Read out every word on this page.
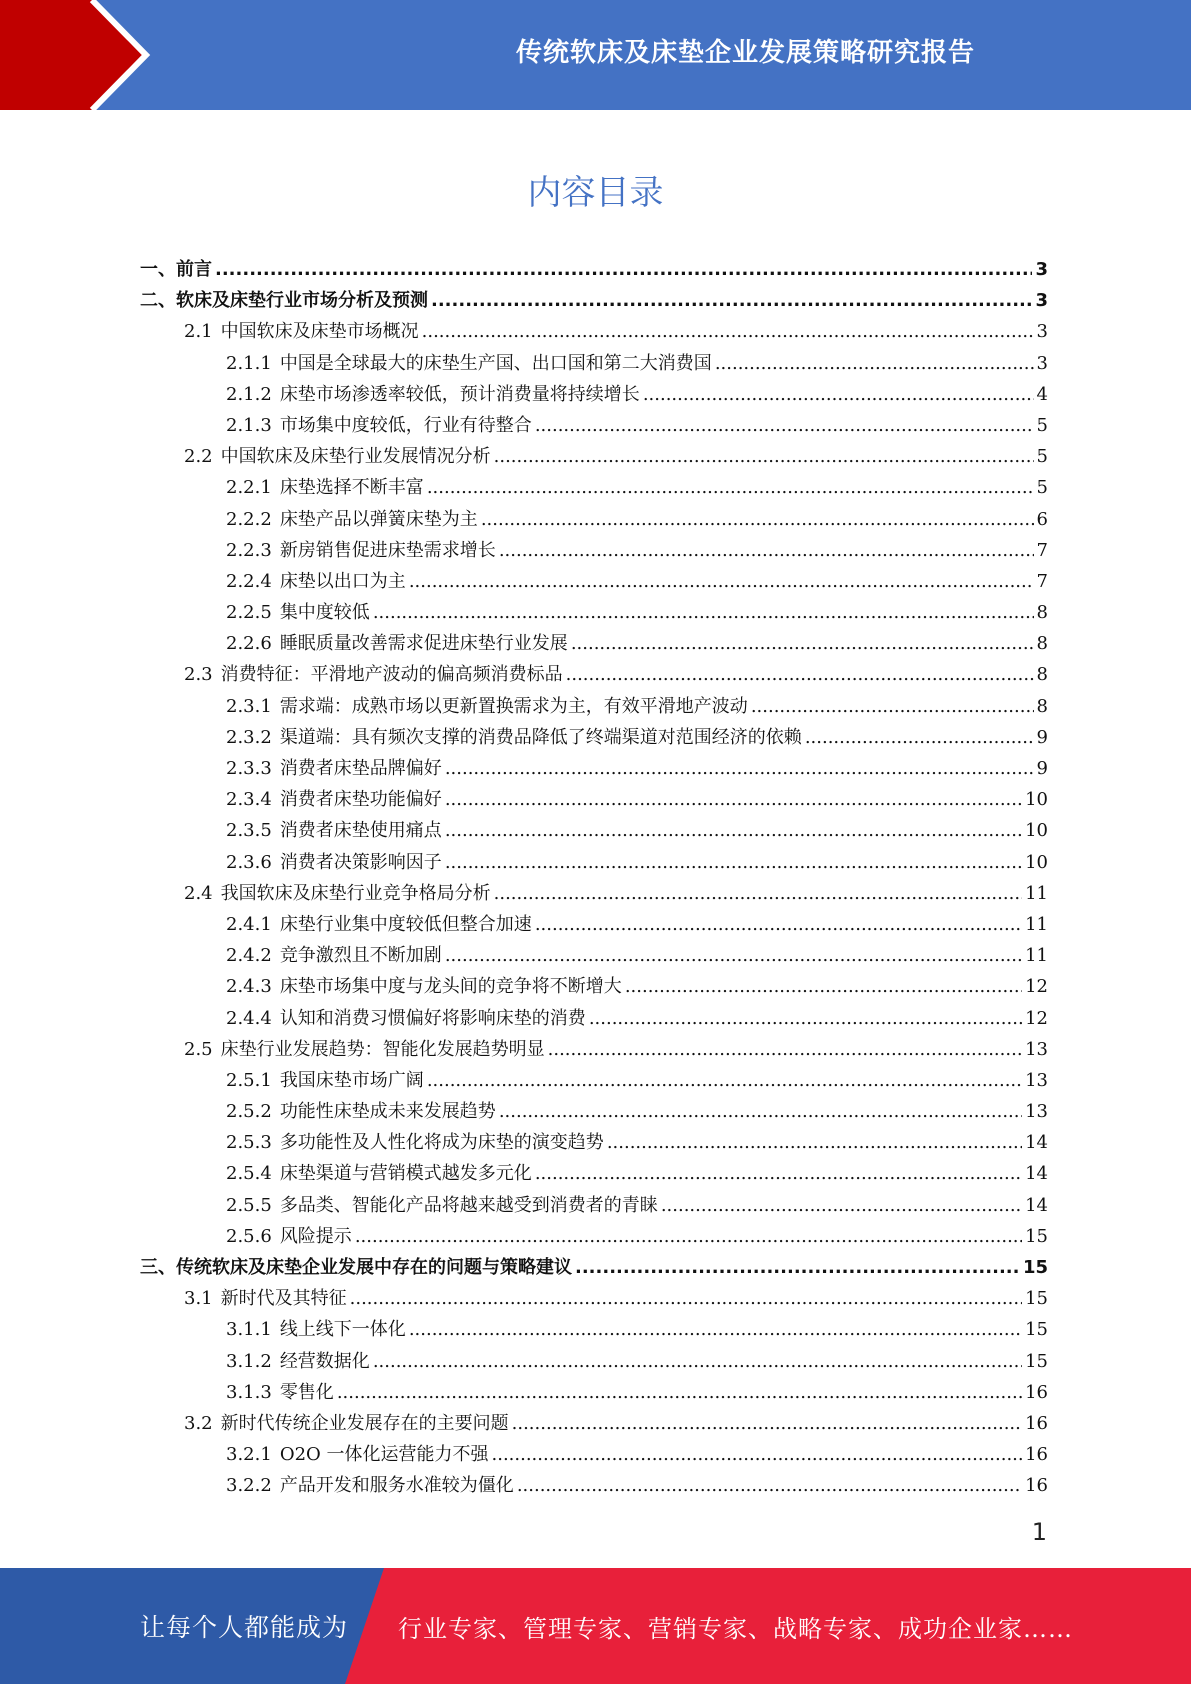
传统软床及床垫企业发展策略研究报告
内容目录
一、 前言 .....	3
二、 软床及床垫行业市场分析及预测 .....	3
2.1 中国软床及床垫市场概况 .....	3
2.1.1 中国是全球最大的床垫生产国、出口国和第二大消费国 .....	3
2.1.2 床垫市场渗透率较低，预计消费量将持续增长 .....	4
2.1.3 市场集中度较低，行业有待整合 .....	5
2.2 中国软床及床垫行业发展情况分析 .....	5
2.2.1 床垫选择不断丰富 .....	5
2.2.2 床垫产品以弹簧床垫为主 .....	6
2.2.3 新房销售促进床垫需求增长 .....	7
2.2.4 床垫以出口为主 .....	7
2.2.5 集中度较低 .....	8
2.2.6 睡眠质量改善需求促进床垫行业发展 .....	8
2.3 消费特征：平滑地产波动的偏高频消费标品 .....	8
2.3.1 需求端：成熟市场以更新置换需求为主，有效平滑地产波动 .....	8
2.3.2 渠道端：具有频次支撑的消费品降低了终端渠道对范围经济的依赖 .....	9
2.3.3 消费者床垫品牌偏好 .....	9
2.3.4 消费者床垫功能偏好 .....	10
2.3.5 消费者床垫使用痛点 .....	10
2.3.6 消费者决策影响因子 .....	10
2.4 我国软床及床垫行业竞争格局分析 .....	11
2.4.1 床垫行业集中度较低但整合加速 .....	11
2.4.2 竞争激烈且不断加剧 .....	11
2.4.3 床垫市场集中度与龙头间的竞争将不断增大 .....	12
2.4.4 认知和消费习惯偏好将影响床垫的消费 .....	12
2.5 床垫行业发展趋势：智能化发展趋势明显 .....	13
2.5.1 我国床垫市场广阔 .....	13
2.5.2 功能性床垫成未来发展趋势 .....	13
2.5.3 多功能性及人性化将成为床垫的演变趋势 .....	14
2.5.4 床垫渠道与营销模式越发多元化 .....	14
2.5.5 多品类、智能化产品将越来越受到消费者的青睐 .....	14
2.5.6 风险提示 .....	15
三、 传统软床及床垫企业发展中存在的问题与策略建议 .....	15
3.1 新时代及其特征 .....	15
3.1.1 线上线下一体化 .....	15
3.1.2 经营数据化 .....	15
3.1.3 零售化 .....	16
3.2 新时代传统企业发展存在的主要问题 .....	16
3.2.1 O2O 一体化运营能力不强 .....	16
3.2.2 产品开发和服务水准较为僵化 .....	16
1
让每个人都能成为 行业专家、管理专家、营销专家、战略专家、成功企业家……
